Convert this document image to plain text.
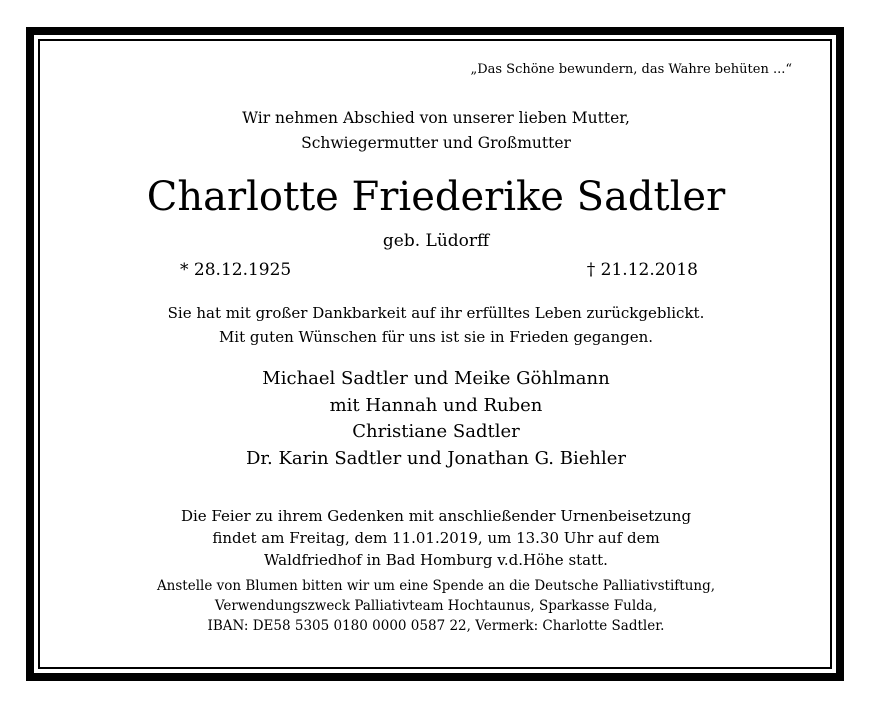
„Das Schöne bewundern, das Wahre behüten ...“
Wir nehmen Abschied von unserer lieben Mutter,
Schwiegermutter und Großmutter
Charlotte Friederike Sadtler
geb. Lüdorff
* 28.12.1925	† 21.12.2018
Sie hat mit großer Dankbarkeit auf ihr erfülltes Leben zurückgeblickt.
Mit guten Wünschen für uns ist sie in Frieden gegangen.
Michael Sadtler und Meike Göhlmann
mit Hannah und Ruben
Christiane Sadtler
Dr. Karin Sadtler und Jonathan G. Biehler
Die Feier zu ihrem Gedenken mit anschließender Urnenbeisetzung
findet am Freitag, dem 11.01.2019, um 13.30 Uhr auf dem
Waldfriedhof in Bad Homburg v.d.Höhe statt.
Anstelle von Blumen bitten wir um eine Spende an die Deutsche Palliativstiftung,
Verwendungszweck Palliativteam Hochtaunus, Sparkasse Fulda,
IBAN: DE58 5305 0180 0000 0587 22, Vermerk: Charlotte Sadtler.
